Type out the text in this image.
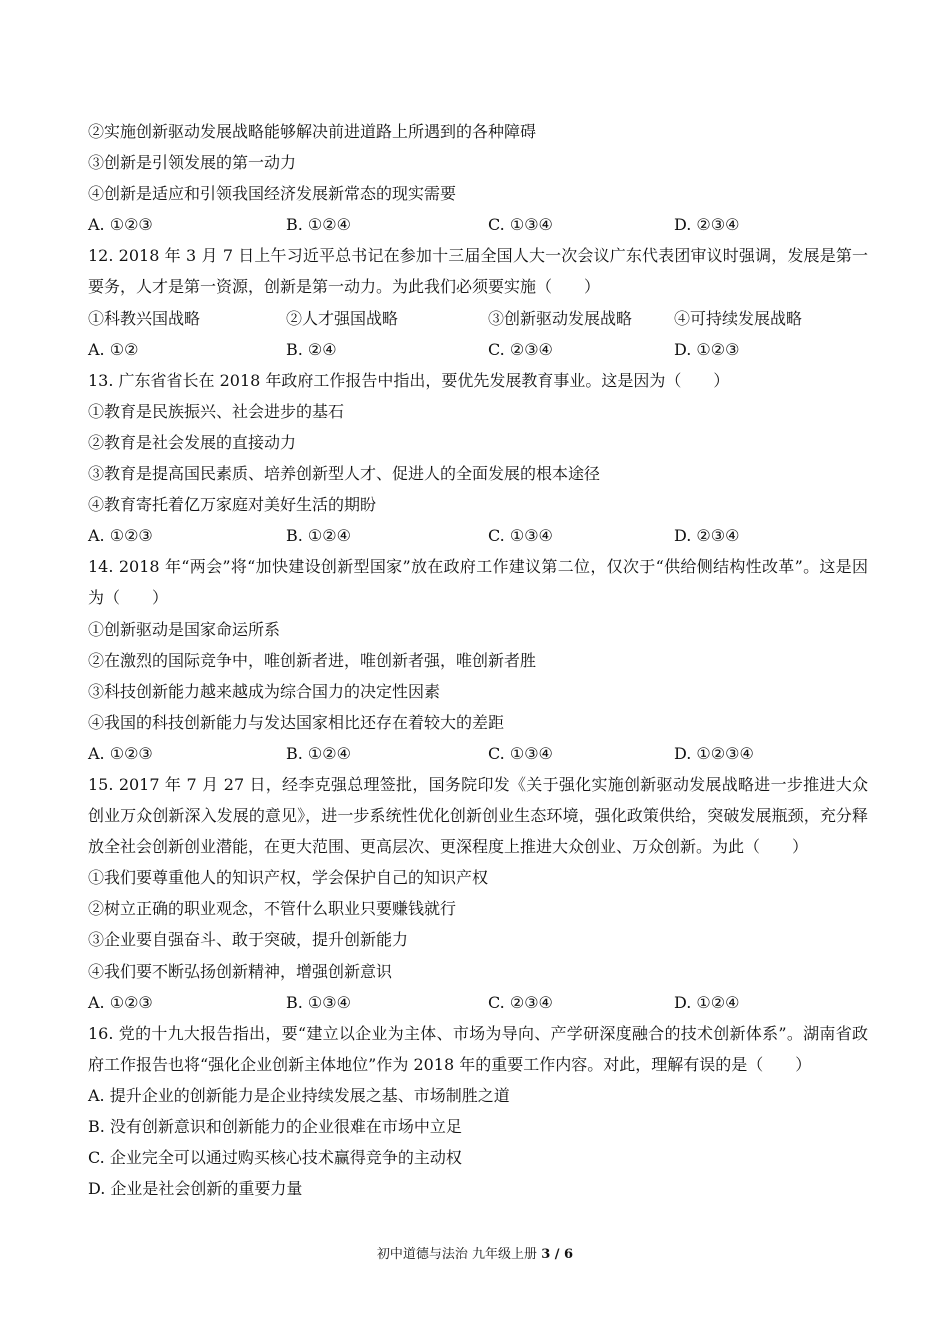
②实施创新驱动发展战略能够解决前进道路上所遇到的各种障碍
③创新是引领发展的第一动力
④创新是适应和引领我国经济发展新常态的现实需要
A. ①②③	B. ①②④	C. ①③④	D. ②③④
12. 2018 年 3 月 7 日上午习近平总书记在参加十三届全国人大一次会议广东代表团审议时强调，发展是第一要务，人才是第一资源，创新是第一动力。为此我们必须要实施（　　）
①科教兴国战略	②人才强国战略	③创新驱动发展战略	④可持续发展战略
A. ①②	B. ②④	C. ②③④	D. ①②③
13. 广东省省长在 2018 年政府工作报告中指出，要优先发展教育事业。这是因为（　　）
①教育是民族振兴、社会进步的基石
②教育是社会发展的直接动力
③教育是提高国民素质、培养创新型人才、促进人的全面发展的根本途径
④教育寄托着亿万家庭对美好生活的期盼
A. ①②③	B. ①②④	C. ①③④	D. ②③④
14. 2018 年“两会”将“加快建设创新型国家”放在政府工作建议第二位，仅次于“供给侧结构性改革”。这是因为（　　）
①创新驱动是国家命运所系
②在激烈的国际竞争中，唯创新者进，唯创新者强，唯创新者胜
③科技创新能力越来越成为综合国力的决定性因素
④我国的科技创新能力与发达国家相比还存在着较大的差距
A. ①②③	B. ①②④	C. ①③④	D. ①②③④
15. 2017 年 7 月 27 日，经李克强总理签批，国务院印发《关于强化实施创新驱动发展战略进一步推进大众创业万众创新深入发展的意见》，进一步系统性优化创新创业生态环境，强化政策供给，突破发展瓶颈，充分释放全社会创新创业潜能，在更大范围、更高层次、更深程度上推进大众创业、万众创新。为此（　　）
①我们要尊重他人的知识产权，学会保护自己的知识产权
②树立正确的职业观念，不管什么职业只要赚钱就行
③企业要自强奋斗、敢于突破，提升创新能力
④我们要不断弘扬创新精神，增强创新意识
A. ①②③	B. ①③④	C. ②③④	D. ①②④
16. 党的十九大报告指出，要“建立以企业为主体、市场为导向、产学研深度融合的技术创新体系”。湖南省政府工作报告也将“强化企业创新主体地位”作为 2018 年的重要工作内容。对此，理解有误的是（　　）
A. 提升企业的创新能力是企业持续发展之基、市场制胜之道
B. 没有创新意识和创新能力的企业很难在市场中立足
C. 企业完全可以通过购买核心技术赢得竞争的主动权
D. 企业是社会创新的重要力量
初中道德与法治 九年级上册 3 / 6
